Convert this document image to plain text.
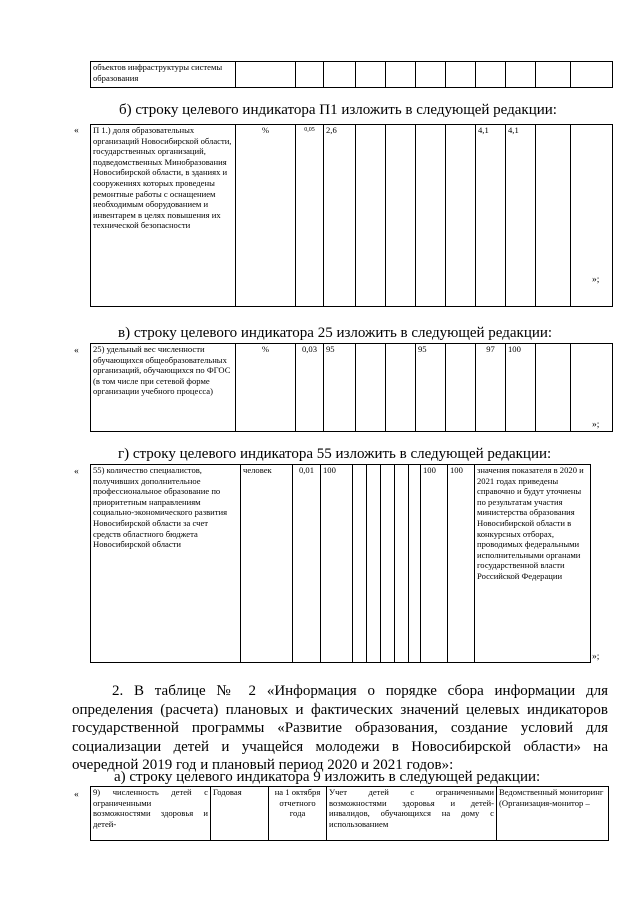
объектов инфраструктуры системы образования											
б) строку целевого индикатора П1 изложить в следующей редакции:
« П 1.) доля образовательных организаций Новосибирской области, государственных организаций, подведомственных Минобразования Новосибирской области, в зданиях и сооружениях которых проведены ремонтные работы с оснащением необходимым оборудованием и инвентарем в целях повышения их технической безопасности	%	0,05	2,6					4,1	4,1		
»;
в) строку целевого индикатора 25 изложить в следующей редакции:
« 25) удельный вес численности обучающихся общеобразовательных организаций, обучающихся по ФГОС (в том числе при сетевой форме организации учебного процесса)	%	0,03	95			95		97	100		
»;
г) строку целевого индикатора 55 изложить в следующей редакции:
« 55) количество специалистов, получивших дополнительное профессиональное образование по приоритетным направлениям социально-экономического развития Новосибирской области за счет средств областного бюджета Новосибирской области	человек	0,01	100						100	100	значения показателя в 2020 и 2021 годах приведены справочно и будут уточнены по результатам участия министерства образования Новосибирской области в конкурсных отборах, проводимых федеральными исполнительными органами государственной власти Российской Федерации
»;

2. В таблице № 2 «Информация о порядке сбора информации для определения (расчета) плановых и фактических значений целевых индикаторов государственной программы «Развитие образования, создание условий для социализации детей и учащейся молодежи в Новосибирской области» на очередной 2019 год и плановый период 2020 и 2021 годов»:

а) строку целевого индикатора 9 изложить в следующей редакции:
« 9) численность детей с ограниченными возможностями здоровья и детей-	Годовая	на 1 октября отчетного года	Учет детей с ограниченными возможностями здоровья и детей-инвалидов, обучающихся на дому с использованием	Ведомственный мониторинг (Организация-монитор –
